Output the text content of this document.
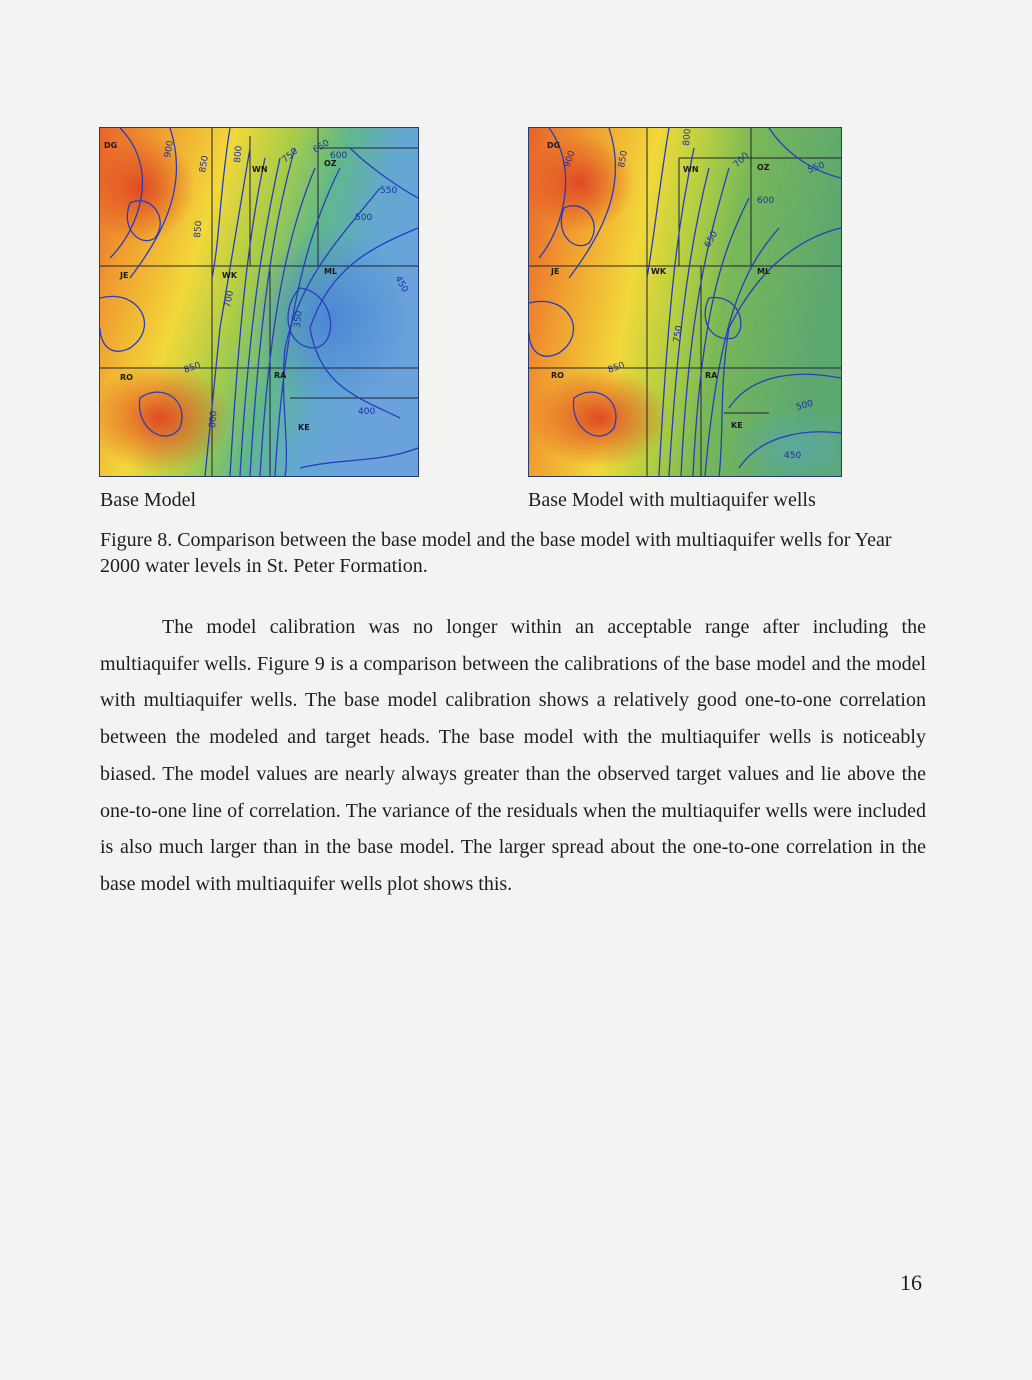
DG
WN
OZ
JE	WK	ML
RO	RA
KE
900
850
800
850
750 650
600
550
500
450
400
350
700
800
850
DG
WN	OZ
JE	WK	ML
RO	RA
KE
900	850
800
700
650
600
750
550
500
450
850

Base Model	Base Model with multiaquifer wells

Figure 8. Comparison between the base model and the base model with multiaquifer wells for Year 2000 water levels in St. Peter Formation.

The model calibration was no longer within an acceptable range after including the multiaquifer wells. Figure 9 is a comparison between the calibrations of the base model and the model with multiaquifer wells. The base model calibration shows a relatively good one-to-one correlation between the modeled and target heads. The base model with the multiaquifer wells is noticeably biased. The model values are nearly always greater than the observed target values and lie above the one-to-one line of correlation. The variance of the residuals when the multiaquifer wells were included is also much larger than in the base model. The larger spread about the one-to-one correlation in the base model with multiaquifer wells plot shows this.

16
